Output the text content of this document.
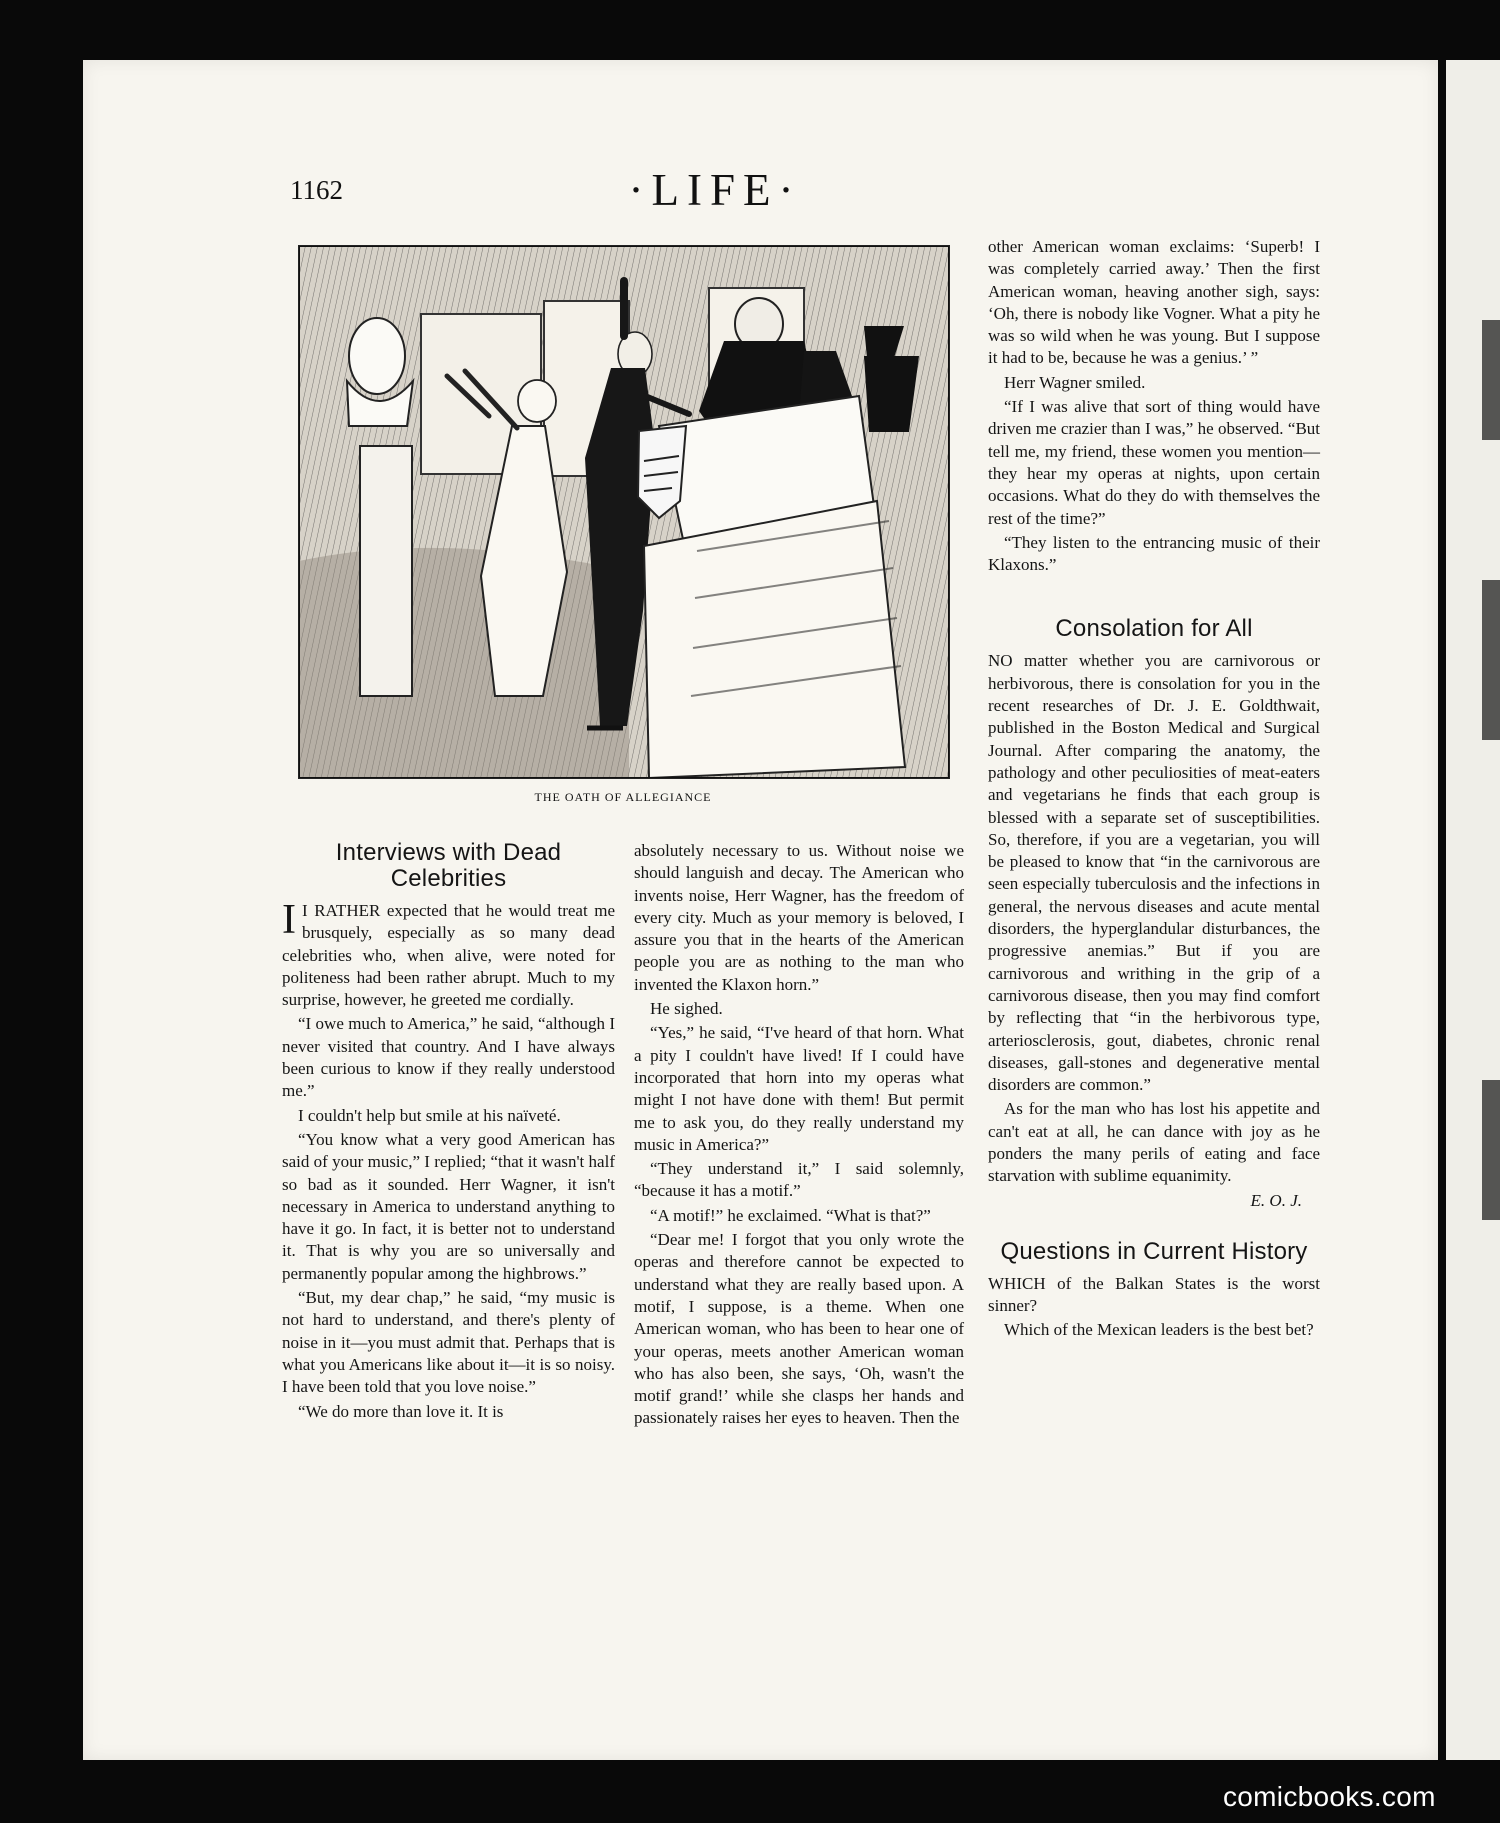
1162	·LIFE·
THE OATH OF ALLEGIANCE
Interviews with Dead Celebrities

I I RATHER expected that he would treat me brusquely, especially as so many dead celebrities who, when alive, were noted for politeness had been rather abrupt. Much to my surprise, however, he greeted me cordially.

“I owe much to America,” he said, “although I never visited that country. And I have always been curious to know if they really understood me.”

I couldn't help but smile at his naïveté.

“You know what a very good American has said of your music,” I replied; “that it wasn't half so bad as it sounded. Herr Wagner, it isn't necessary in America to understand anything to have it go. In fact, it is better not to understand it. That is why you are so universally and permanently popular among the highbrows.”

“But, my dear chap,” he said, “my music is not hard to understand, and there's plenty of noise in it—you must admit that. Perhaps that is what you Americans like about it—it is so noisy. I have been told that you love noise.”

“We do more than love it. It is

absolutely necessary to us. Without noise we should languish and decay. The American who invents noise, Herr Wagner, has the freedom of every city. Much as your memory is beloved, I assure you that in the hearts of the American people you are as nothing to the man who invented the Klaxon horn.”

He sighed.

“Yes,” he said, “I've heard of that horn. What a pity I couldn't have lived! If I could have incorporated that horn into my operas what might I not have done with them! But permit me to ask you, do they really understand my music in America?”

“They understand it,” I said solemnly, “because it has a motif.”

“A motif!” he exclaimed. “What is that?”

“Dear me! I forgot that you only wrote the operas and therefore cannot be expected to understand what they are really based upon. A motif, I suppose, is a theme. When one American woman, who has been to hear one of your operas, meets another American woman who has also been, she says, ‘Oh, wasn't the motif grand!’ while she clasps her hands and passionately raises her eyes to heaven. Then the

other American woman exclaims: ‘Superb! I was completely carried away.’ Then the first American woman, heaving another sigh, says: ‘Oh, there is nobody like Vogner. What a pity he was so wild when he was young. But I suppose it had to be, because he was a genius.’ ”

Herr Wagner smiled.

“If I was alive that sort of thing would have driven me crazier than I was,” he observed. “But tell me, my friend, these women you mention—they hear my operas at nights, upon certain occasions. What do they do with themselves the rest of the time?”

“They listen to the entrancing music of their Klaxons.”

Consolation for All

NO matter whether you are carnivorous or herbivorous, there is consolation for you in the recent researches of Dr. J. E. Goldthwait, published in the Boston Medical and Surgical Journal. After comparing the anatomy, the pathology and other peculiosities of meat-eaters and vegetarians he finds that each group is blessed with a separate set of susceptibilities. So, therefore, if you are a vegetarian, you will be pleased to know that “in the carnivorous are seen especially tuberculosis and the infections in general, the nervous diseases and acute mental disorders, the hyperglandular disturbances, the progressive anemias.” But if you are carnivorous and writhing in the grip of a carnivorous disease, then you may find comfort by reflecting that “in the herbivorous type, arteriosclerosis, gout, diabetes, chronic renal diseases, gall-stones and degenerative mental disorders are common.”

As for the man who has lost his appetite and can't eat at all, he can dance with joy as he ponders the many perils of eating and face starvation with sublime equanimity.

E. O. J.

Questions in Current History

WHICH of the Balkan States is the worst sinner?

Which of the Mexican leaders is the best bet?

comicbooks.com
